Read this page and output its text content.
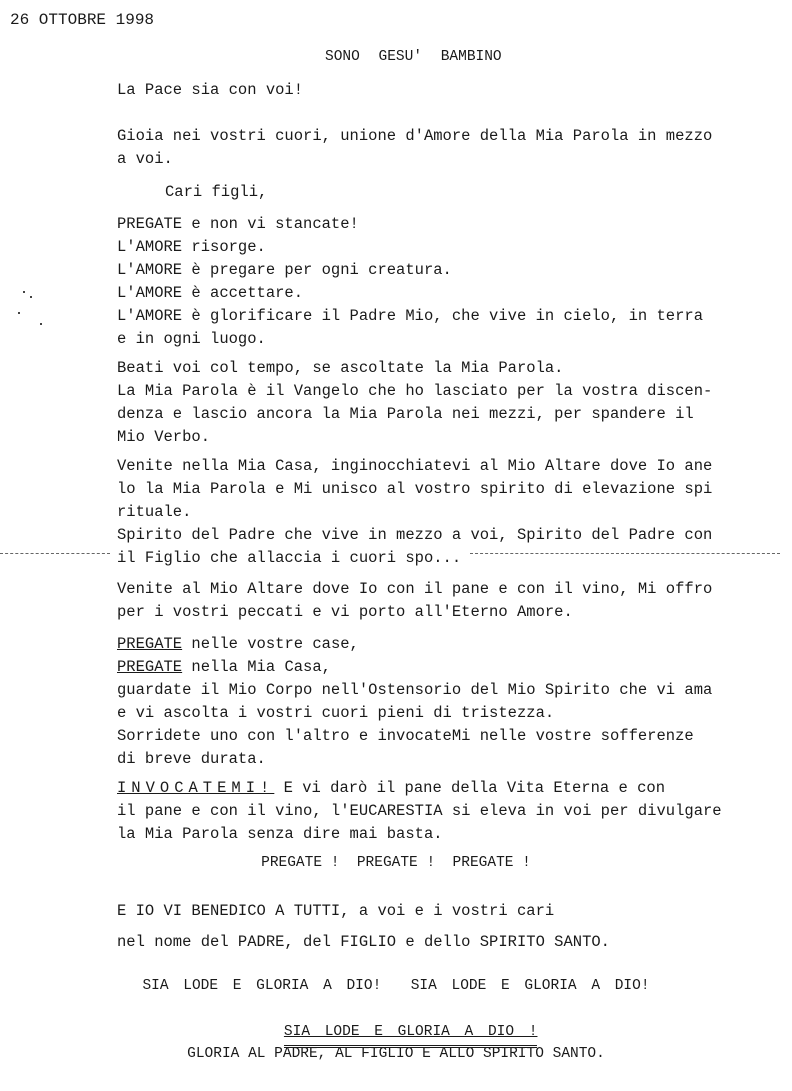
26 OTTOBRE 1998
SONO GESU' BAMBINO
La Pace sia con voi!
Gioia nei vostri cuori, unione d'Amore della Mia Parola in mezzo
a voi.
Cari figli,
PREGATE e non vi stancate!
L'AMORE risorge.
L'AMORE è pregare per ogni creatura.
L'AMORE è accettare.
L'AMORE è glorificare il Padre Mio, che vive in cielo, in terra
e in ogni luogo.
Beati voi col tempo, se ascoltate la Mia Parola.
La Mia Parola è il Vangelo che ho lasciato per la vostra discen-
denza e lascio ancora la Mia Parola nei mezzi, per spandere il
Mio Verbo.
Venite nella Mia Casa, inginocchiatevi al Mio Altare dove Io ane
lo la Mia Parola e Mi unisco al vostro spirito di elevazione spi
rituale.
Spirito del Padre che vive in mezzo a voi, Spirito del Padre con
il Figlio che allaccia i cuori spo...
Venite al Mio Altare dove Io con il pane e con il vino, Mi offro
per i vostri peccati e vi porto all'Eterno Amore.
PREGATE nelle vostre case,
PREGATE nella Mia Casa,
guardate il Mio Corpo nell'Ostensorio del Mio Spirito che vi ama
e vi ascolta i vostri cuori pieni di tristezza.
Sorridete uno con l'altro e invocateMi nelle vostre sofferenze
di breve durata.
INVOCATEMI! E vi darò il pane della Vita Eterna e con
il pane e con il vino, l'EUCARESTIA si eleva in voi per divulgare
la Mia Parola senza dire mai basta.
PREGATE !  PREGATE !  PREGATE !
E IO VI BENEDICO A TUTTI, a voi e i vostri cari
nel nome del PADRE, del FIGLIO e dello SPIRITO SANTO.
SIA LODE E GLORIA A DIO!  SIA LODE E GLORIA A DIO!

SIA LODE E GLORIA A DIO !

GLORIA AL PADRE, AL FIGLIO E ALLO SPIRITO SANTO.
